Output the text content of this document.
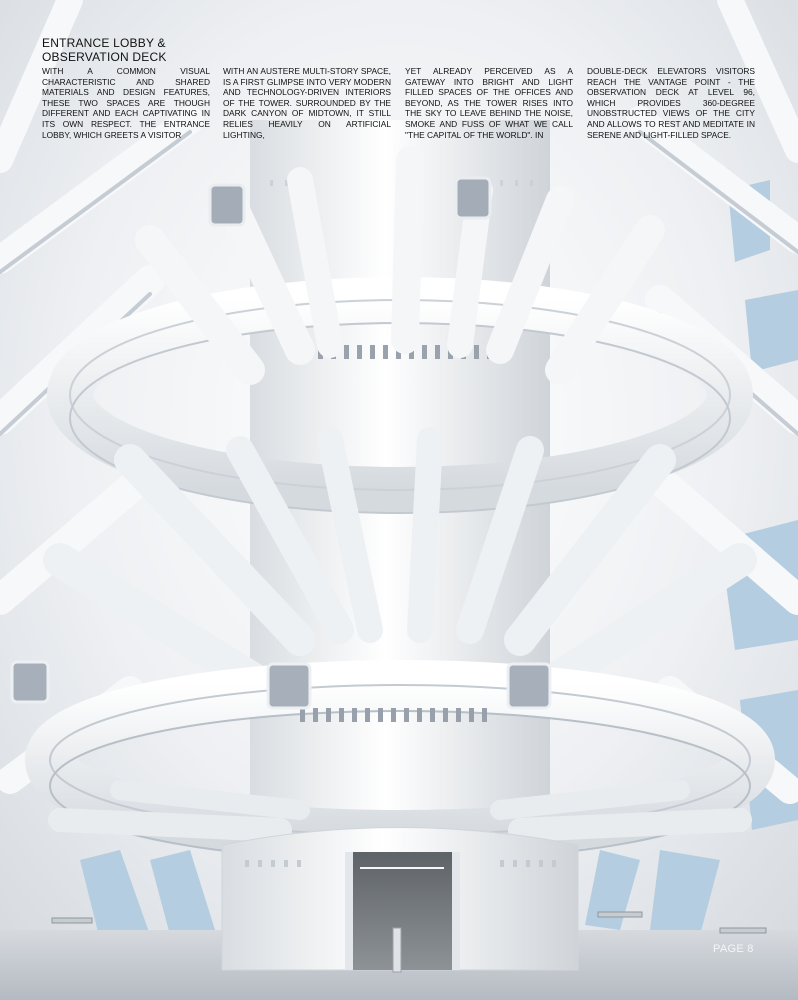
ENTRANCE LOBBY & OBSERVATION DECK

WITH A COMMON VISUAL CHARACTERISTIC AND SHARED MATERIALS AND DESIGN FEATURES, THESE TWO SPACES ARE THOUGH DIFFERENT AND EACH CAPTIVATING IN ITS OWN RESPECT. THE ENTRANCE LOBBY, WHICH GREETS A VISITOR

WITH AN AUSTERE MULTI-STORY SPACE, IS A FIRST GLIMPSE INTO VERY MODERN AND TECHNOLOGY-DRIVEN INTERIORS OF THE TOWER. SURROUNDED BY THE DARK CANYON OF MIDTOWN, IT STILL RELIES HEAVILY ON ARTIFICIAL LIGHTING,

YET ALREADY PERCEIVED AS A GATEWAY INTO BRIGHT AND LIGHT FILLED SPACES OF THE OFFICES AND BEYOND, AS THE TOWER RISES INTO THE SKY TO LEAVE BEHIND THE NOISE, SMOKE AND FUSS OF WHAT WE CALL "THE CAPITAL OF THE WORLD". IN

DOUBLE-DECK ELEVATORS VISITORS REACH THE VANTAGE POINT - THE OBSERVATION DECK AT LEVEL 96, WHICH PROVIDES 360-DEGREE UNOBSTRUCTED VIEWS OF THE CITY AND ALLOWS TO REST AND MEDITATE IN SERENE AND LIGHT-FILLED SPACE.

PAGE 8
